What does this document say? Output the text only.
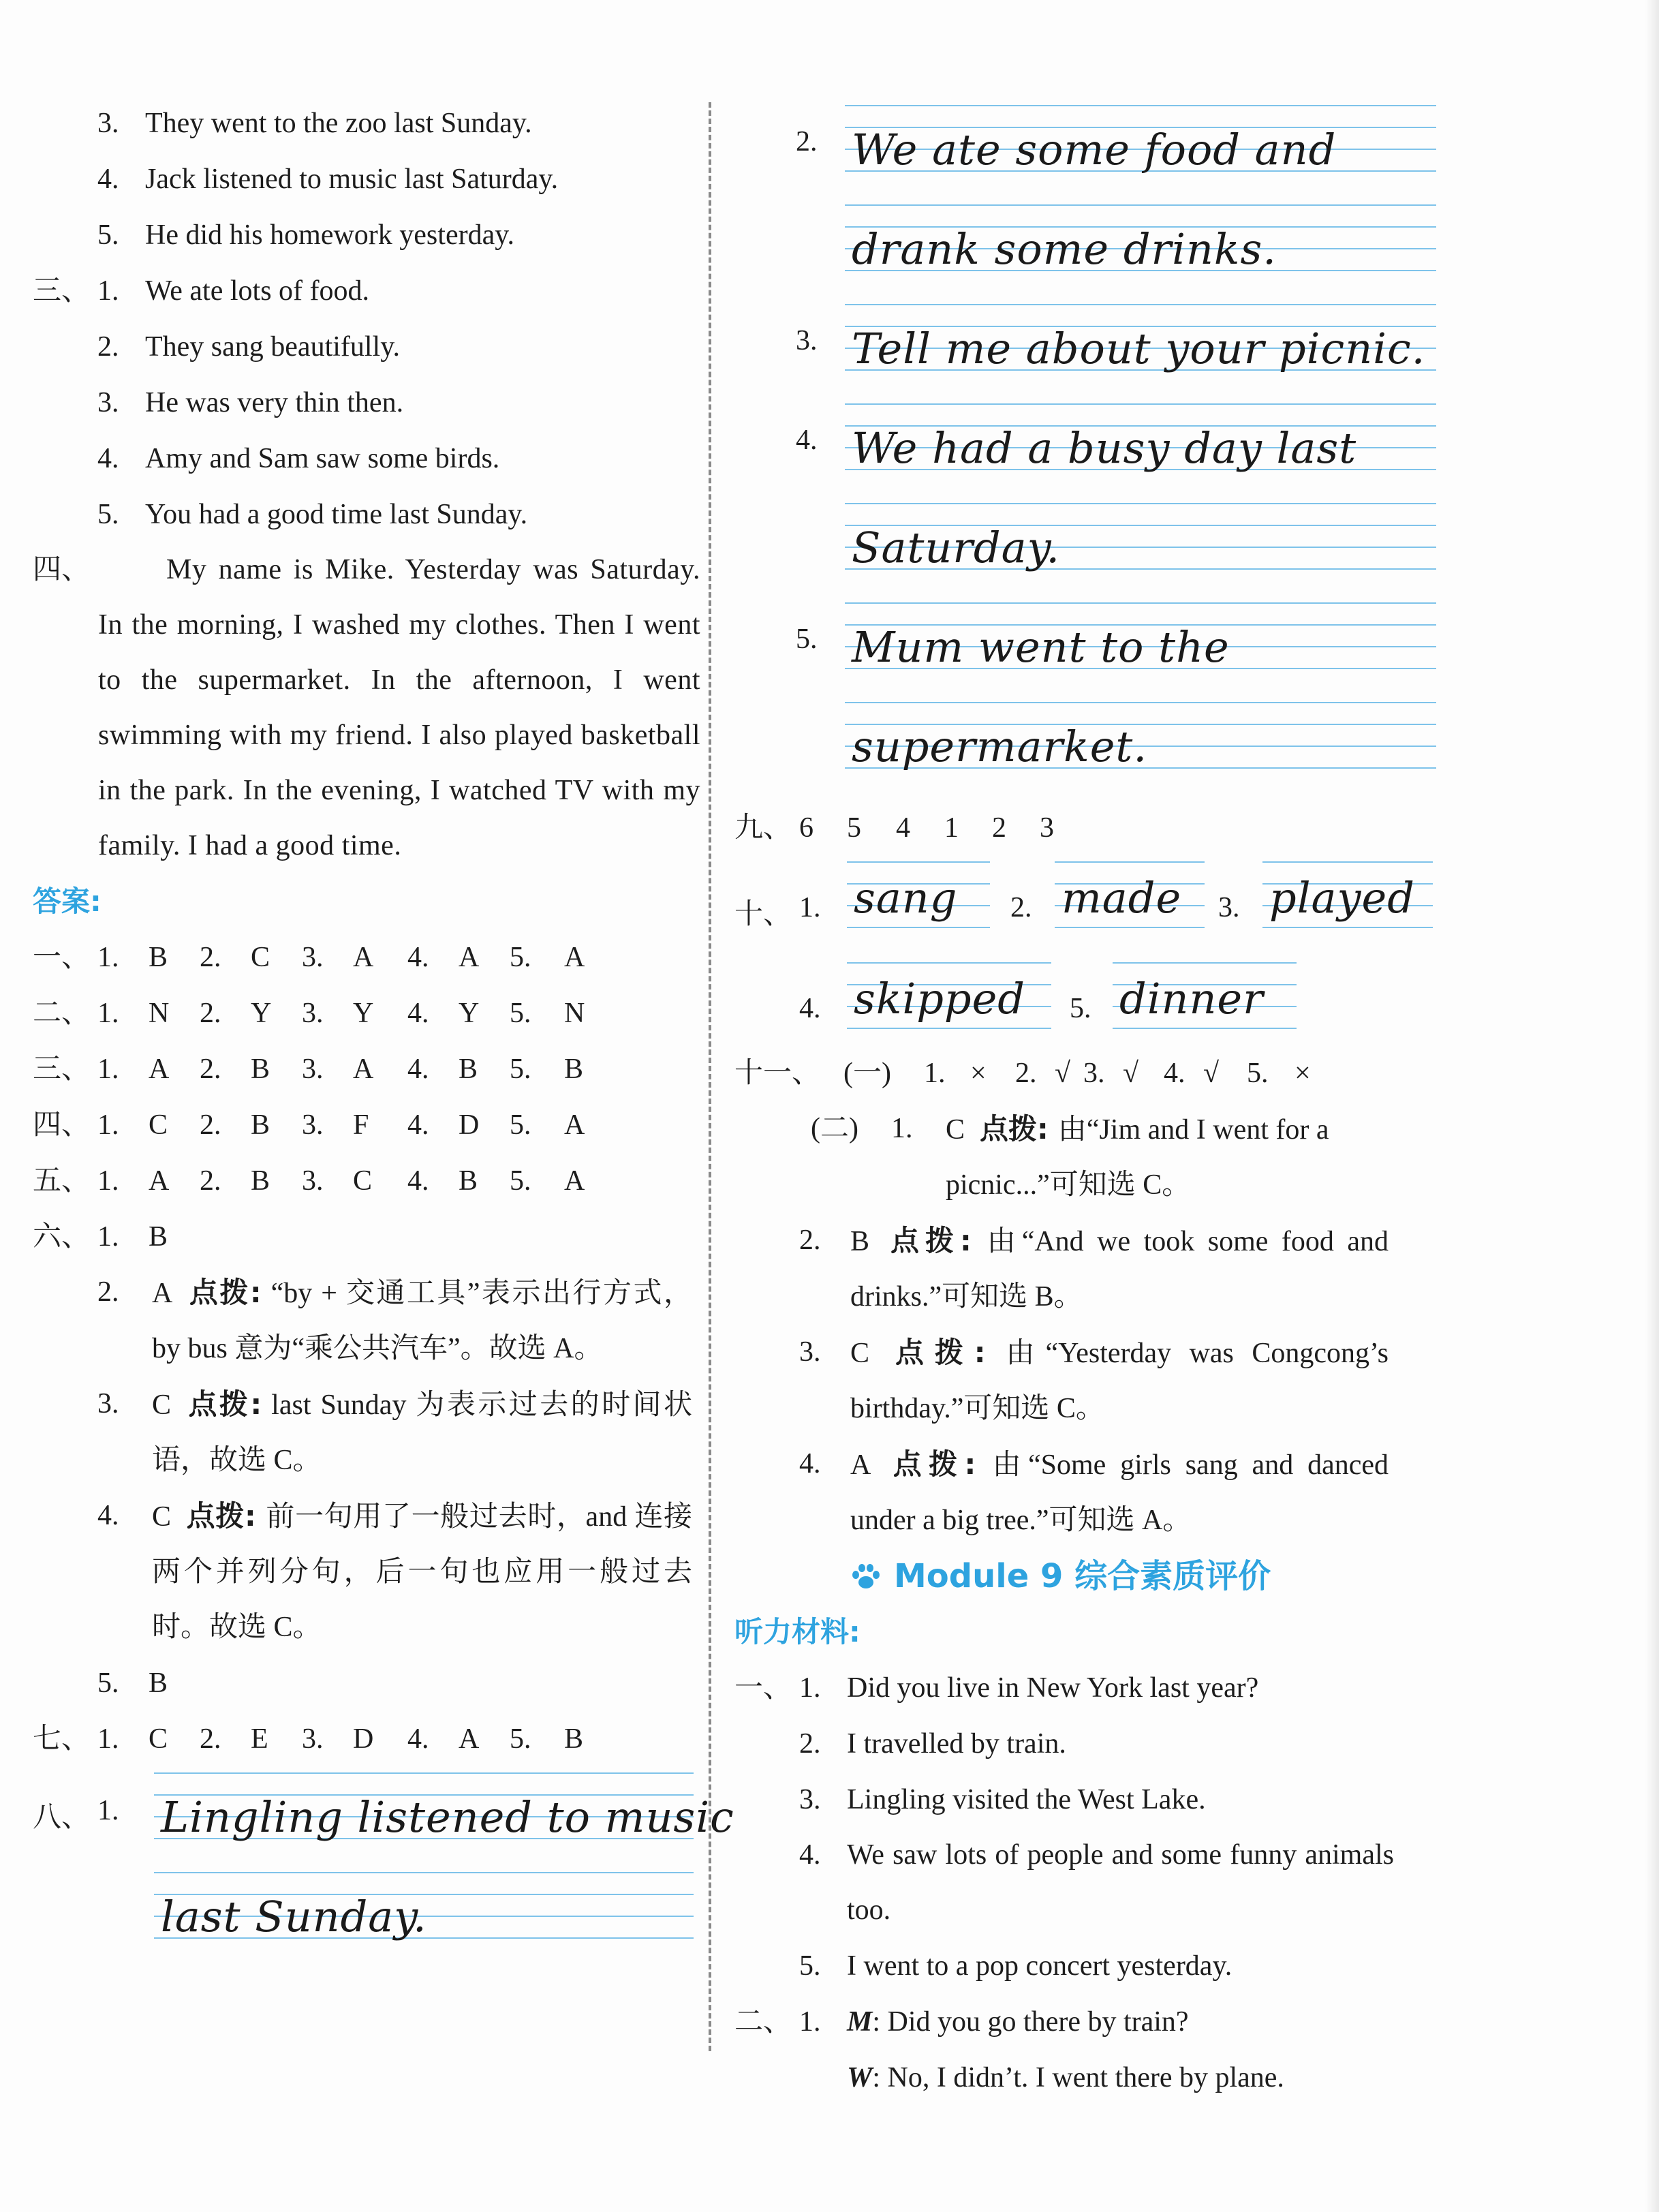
3. They went to the zoo last Sunday.
4. Jack listened to music last Saturday.
5. He did his homework yesterday.
三、 1. We ate lots of food.
2. They sang beautifully.
3. He was very thin then.
4. Amy and Sam saw some birds.
5. You had a good time last Sunday.
四、	My name is Mike. Yesterday was Saturday. In the morning, I washed my clothes. Then I went to the supermarket. In the afternoon, I went swimming with my friend. I also played basketball in the park. In the evening, I watched TV with my family. I had a good time.
答案:
一、 1. B 2. C 3. A 4. A 5. A
二、 1. N 2. Y 3. Y 4. Y 5. N
三、 1. A 2. B 3. A 4. B 5. B
四、 1. C 2. B 3. F 4. D 5. A
五、 1. A 2. B 3. C 4. B 5. A
六、 1. B
2.	A 点拨: “by + 交通工具”表示出行方式，by bus 意为“乘公共汽车”。故选 A。
3.	C 点拨: last Sunday 为表示过去的时间状语，故选 C。
4.	C 点拨: 前一句用了一般过去时，and 连接两个并列分句，后一句也应用一般过去时。故选 C。
5. B
七、 1. C 2. E 3. D 4. A 5. B
八、 1. Lingling listened to music
last Sunday.
2. We ate some food and
drank some drinks.
3. Tell me about your picnic.
4. We had a busy day last
Saturday.
5. Mum went to the
supermarket.
九、 6 5 4 1 2 3
十、 1. sang 2. made 3. played
4. skipped 5. dinner
十一、 (一) 1. × 2. √ 3. √ 4. √ 5. ×
(二) 1.	C 点拨: 由“Jim and I went for a picnic...”可知选 C。
2.	B 点拨: 由“And we took some food and drinks.”可知选 B。
3.	C 点拨: 由“Yesterday was Congcong’s birthday.”可知选 C。
4.	A 点拨: 由“Some girls sang and danced under a big tree.”可知选 A。
Module 9 综合素质评价
听力材料:
一、 1. Did you live in New York last year?
2. I travelled by train.
3. Lingling visited the West Lake.
4. We saw lots of people and some funny animals too.
5. I went to a pop concert yesterday.
二、 1. M: Did you go there by train?
W: No, I didn’t. I went there by plane.
